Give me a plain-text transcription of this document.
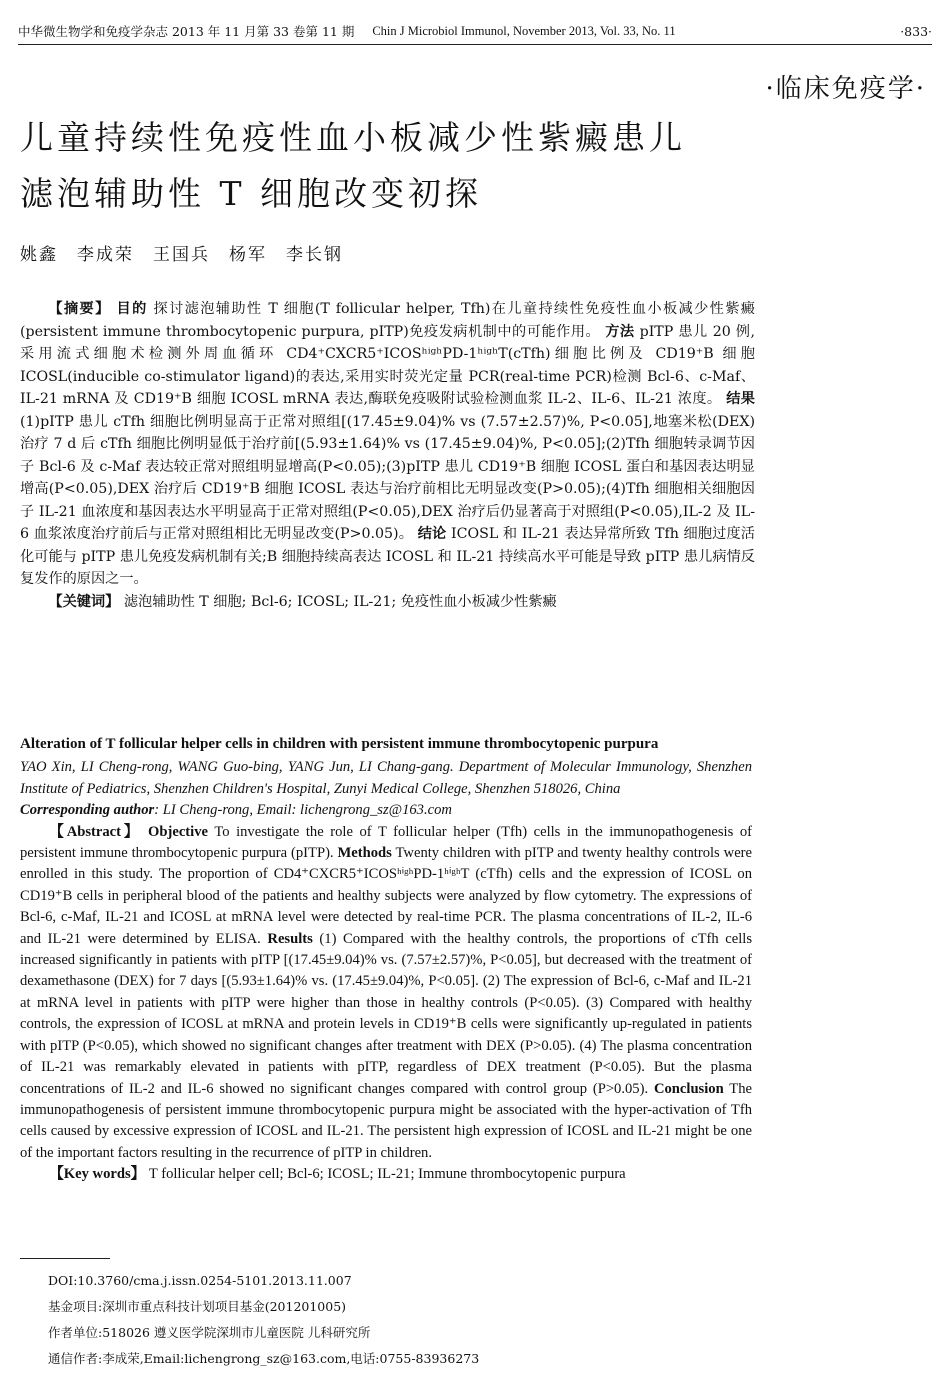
中华微生物学和免疫学杂志 2013 年 11 月第 33 卷第 11 期 Chin J Microbiol Immunol, November 2013, Vol. 33, No. 11	·833·
·临床免疫学·
儿童持续性免疫性血小板减少性紫癜患儿
滤泡辅助性 T 细胞改变初探
姚鑫　李成荣　王国兵　杨军　李长钢

【摘要】 目的 探讨滤泡辅助性 T 细胞(T follicular helper, Tfh)在儿童持续性免疫性血小板减少性紫癜(persistent immune thrombocytopenic purpura, pITP)免疫发病机制中的可能作用。 方法 pITP 患儿 20 例,采用流式细胞术检测外周血循环 CD4⁺CXCR5⁺ICOSʰⁱᵍʰPD-1ʰⁱᵍʰT(cTfh)细胞比例及 CD19⁺B 细胞 ICOSL(inducible co-stimulator ligand)的表达,采用实时荧光定量 PCR(real-time PCR)检测 Bcl-6、c-Maf、IL-21 mRNA 及 CD19⁺B 细胞 ICOSL mRNA 表达,酶联免疫吸附试验检测血浆 IL-2、IL-6、IL-21 浓度。 结果 (1)pITP 患儿 cTfh 细胞比例明显高于正常对照组[(17.45±9.04)% vs (7.57±2.57)%, P<0.05],地塞米松(DEX)治疗 7 d 后 cTfh 细胞比例明显低于治疗前[(5.93±1.64)% vs (17.45±9.04)%, P<0.05];(2)Tfh 细胞转录调节因子 Bcl-6 及 c-Maf 表达较正常对照组明显增高(P<0.05);(3)pITP 患儿 CD19⁺B 细胞 ICOSL 蛋白和基因表达明显增高(P<0.05),DEX 治疗后 CD19⁺B 细胞 ICOSL 表达与治疗前相比无明显改变(P>0.05);(4)Tfh 细胞相关细胞因子 IL-21 血浓度和基因表达水平明显高于正常对照组(P<0.05),DEX 治疗后仍显著高于对照组(P<0.05),IL-2 及 IL-6 血浆浓度治疗前后与正常对照组相比无明显改变(P>0.05)。 结论 ICOSL 和 IL-21 表达异常所致 Tfh 细胞过度活化可能与 pITP 患儿免疫发病机制有关;B 细胞持续高表达 ICOSL 和 IL-21 持续高水平可能是导致 pITP 患儿病情反复发作的原因之一。

【关键词】 滤泡辅助性 T 细胞; Bcl-6; ICOSL; IL-21; 免疫性血小板减少性紫癜

Alteration of T follicular helper cells in children with persistent immune thrombocytopenic purpura

YAO Xin, LI Cheng-rong, WANG Guo-bing, YANG Jun, LI Chang-gang. Department of Molecular Immunology, Shenzhen Institute of Pediatrics, Shenzhen Children's Hospital, Zunyi Medical College, Shenzhen 518026, China

Corresponding author: LI Cheng-rong, Email: lichengrong_sz@163.com

【Abstract】 Objective To investigate the role of T follicular helper (Tfh) cells in the immunopathogenesis of persistent immune thrombocytopenic purpura (pITP). Methods Twenty children with pITP and twenty healthy controls were enrolled in this study. The proportion of CD4⁺CXCR5⁺ICOSʰⁱᵍʰPD-1ʰⁱᵍʰT (cTfh) cells and the expression of ICOSL on CD19⁺B cells in peripheral blood of the patients and healthy subjects were analyzed by flow cytometry. The expressions of Bcl-6, c-Maf, IL-21 and ICOSL at mRNA level were detected by real-time PCR. The plasma concentrations of IL-2, IL-6 and IL-21 were determined by ELISA. Results (1) Compared with the healthy controls, the proportions of cTfh cells increased significantly in patients with pITP [(17.45±9.04)% vs. (7.57±2.57)%, P<0.05], but decreased with the treatment of dexamethasone (DEX) for 7 days [(5.93±1.64)% vs. (17.45±9.04)%, P<0.05]. (2) The expression of Bcl-6, c-Maf and IL-21 at mRNA level in patients with pITP were higher than those in healthy controls (P<0.05). (3) Compared with healthy controls, the expression of ICOSL at mRNA and protein levels in CD19⁺B cells were significantly up-regulated in patients with pITP (P<0.05), which showed no significant changes after treatment with DEX (P>0.05). (4) The plasma concentration of IL-21 was remarkably elevated in patients with pITP, regardless of DEX treatment (P<0.05). But the plasma concentrations of IL-2 and IL-6 showed no significant changes compared with control group (P>0.05). Conclusion The immunopathogenesis of persistent immune thrombocytopenic purpura might be associated with the hyper-activation of Tfh cells caused by excessive expression of ICOSL and IL-21. The persistent high expression of ICOSL and IL-21 might be one of the important factors resulting in the recurrence of pITP in children.

【Key words】 T follicular helper cell; Bcl-6; ICOSL; IL-21; Immune thrombocytopenic purpura

DOI:10.3760/cma.j.issn.0254-5101.2013.11.007

基金项目:深圳市重点科技计划项目基金(201201005)

作者单位:518026 遵义医学院深圳市儿童医院 儿科研究所

通信作者:李成荣,Email:lichengrong_sz@163.com,电话:0755-83936273
